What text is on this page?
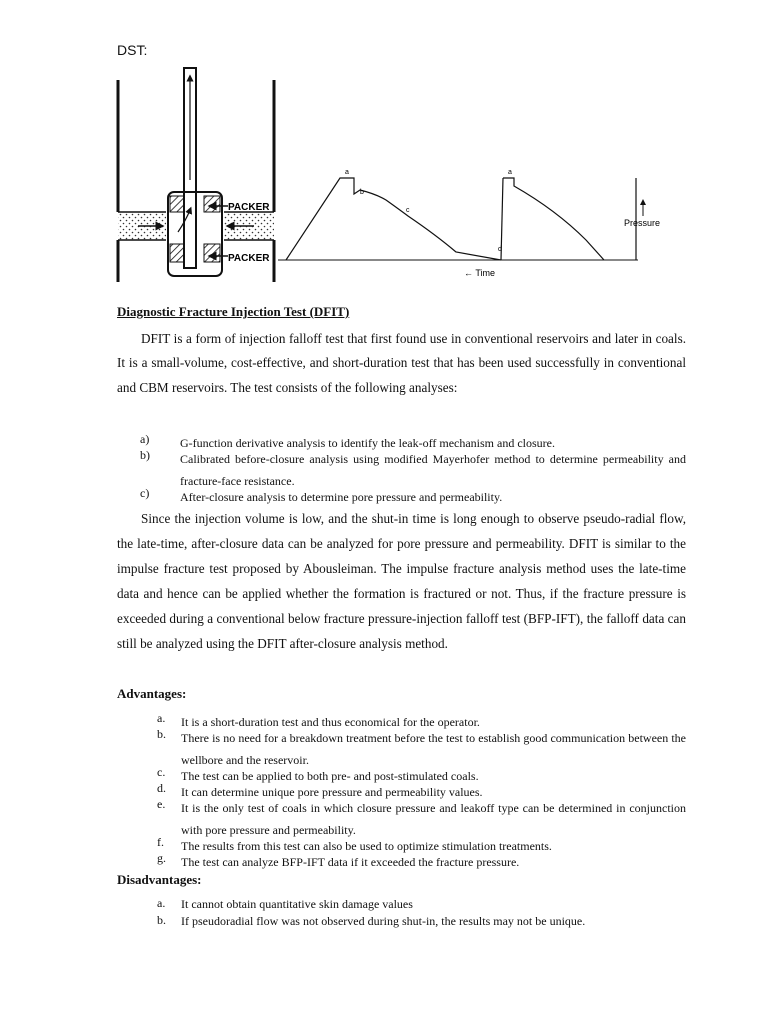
DST:
PACKER
PACKER
Pressure
← Time
a
b
c
d
a
Diagnostic Fracture Injection Test (DFIT)
DFIT is a form of injection falloff test that first found use in conventional reservoirs and later in coals. It is a small-volume, cost-effective, and short-duration test that has been used successfully in conventional and CBM reservoirs. The test consists of the following analyses:
a)	G-function derivative analysis to identify the leak-off mechanism and closure.
b)	Calibrated before-closure analysis using modified Mayerhofer method to determine permeability and fracture-face resistance.
c)	After-closure analysis to determine pore pressure and permeability.
Since the injection volume is low, and the shut-in time is long enough to observe pseudo-radial flow, the late-time, after-closure data can be analyzed for pore pressure and permeability. DFIT is similar to the impulse fracture test proposed by Abousleiman. The impulse fracture analysis method uses the late-time data and hence can be applied whether the formation is fractured or not. Thus, if the fracture pressure is exceeded during a conventional below fracture pressure-injection falloff test (BFP-IFT), the falloff data can still be analyzed using the DFIT after-closure analysis method.
Advantages:
a.	It is a short-duration test and thus economical for the operator.
b.	There is no need for a breakdown treatment before the test to establish good communication between the wellbore and the reservoir.
c.	The test can be applied to both pre- and post-stimulated coals.
d.	It can determine unique pore pressure and permeability values.
e.	It is the only test of coals in which closure pressure and leakoff type can be determined in conjunction with pore pressure and permeability.
f.	The results from this test can also be used to optimize stimulation treatments.
g.	The test can analyze BFP-IFT data if it exceeded the fracture pressure.
Disadvantages:
a.	It cannot obtain quantitative skin damage values
b.	If pseudoradial flow was not observed during shut-in, the results may not be unique.
